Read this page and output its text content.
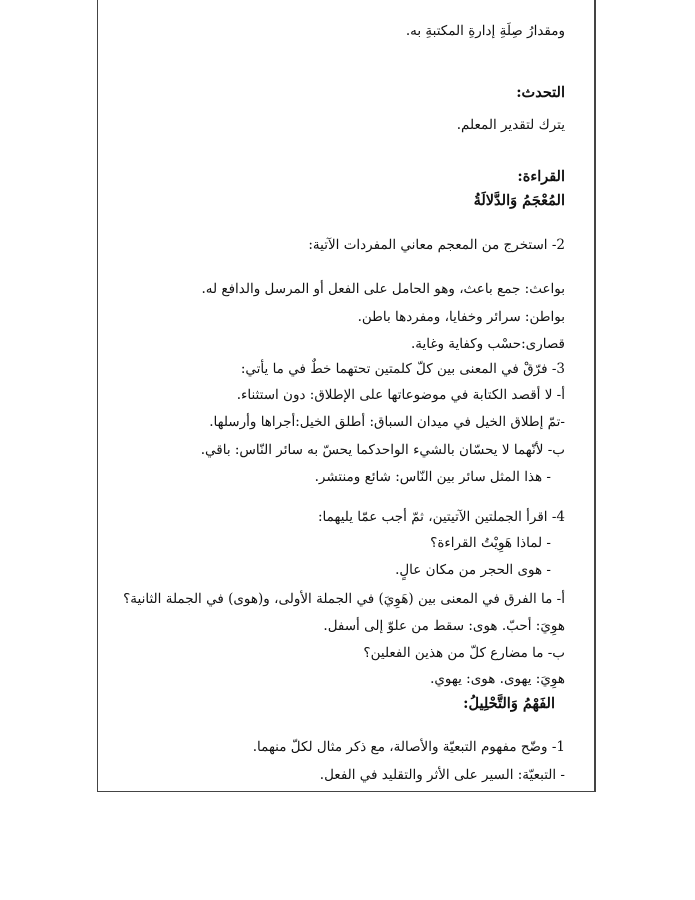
ومقدارُ صِلَةِ إدارةِ المكتبةِ به.
التحدث:
يترك لتقدير المعلم.
القراءة:
المُعْجَمُ وَالدَّلالَةُ
2- استخرج من المعجم معاني المفردات الآتية:
بواعث: جمع باعث، وهو الحامل على الفعل أو المرسل والدافع له.
بواطن: سرائر وخفايا، ومفردها باطن.
قصارى:حسْب وكفاية وغاية.
3- فرّقْ في المعنى بين كلّ كلمتين تحتهما خطٌ في ما يأتي:
أ- لا أقصد الكتابة في موضوعاتها على الإطلاق: دون استثناء.
-تمّ إطلاق الخيل في ميدان السباق: أطلق الخيل:أجراها وأرسلها.
ب- لأنّهما لا يحسّان بالشيء الواحدكما يحسّ به سائر النّاس: باقي.
- هذا المثل سائر بين النّاس: شائع ومنتشر.
4- اقرأ الجملتين الآتيتين، ثمّ أجب عمّا يليهما:
- لماذا هَوِيْتُ القراءة؟
- هوى الحجر من مكان عالٍ.
أ- ما الفرق في المعنى بين (هَوِيَ) في الجملة الأولى، و(هوى) في الجملة الثانية؟
هوِيَ: أحبّ. هوى: سقط من علوّ إلى أسفل.
ب- ما مضارع كلّ من هذين الفعلين؟
هوِيَ: يهوى. هوى: يهوي.
الفَهْمُ وَالتَّحْلِيلُ:
1- وضّح مفهوم التبعيّة والأصالة، مع ذكر مثال لكلّ منهما.
- التبعيّة: السير على الأثر والتقليد في الفعل.
